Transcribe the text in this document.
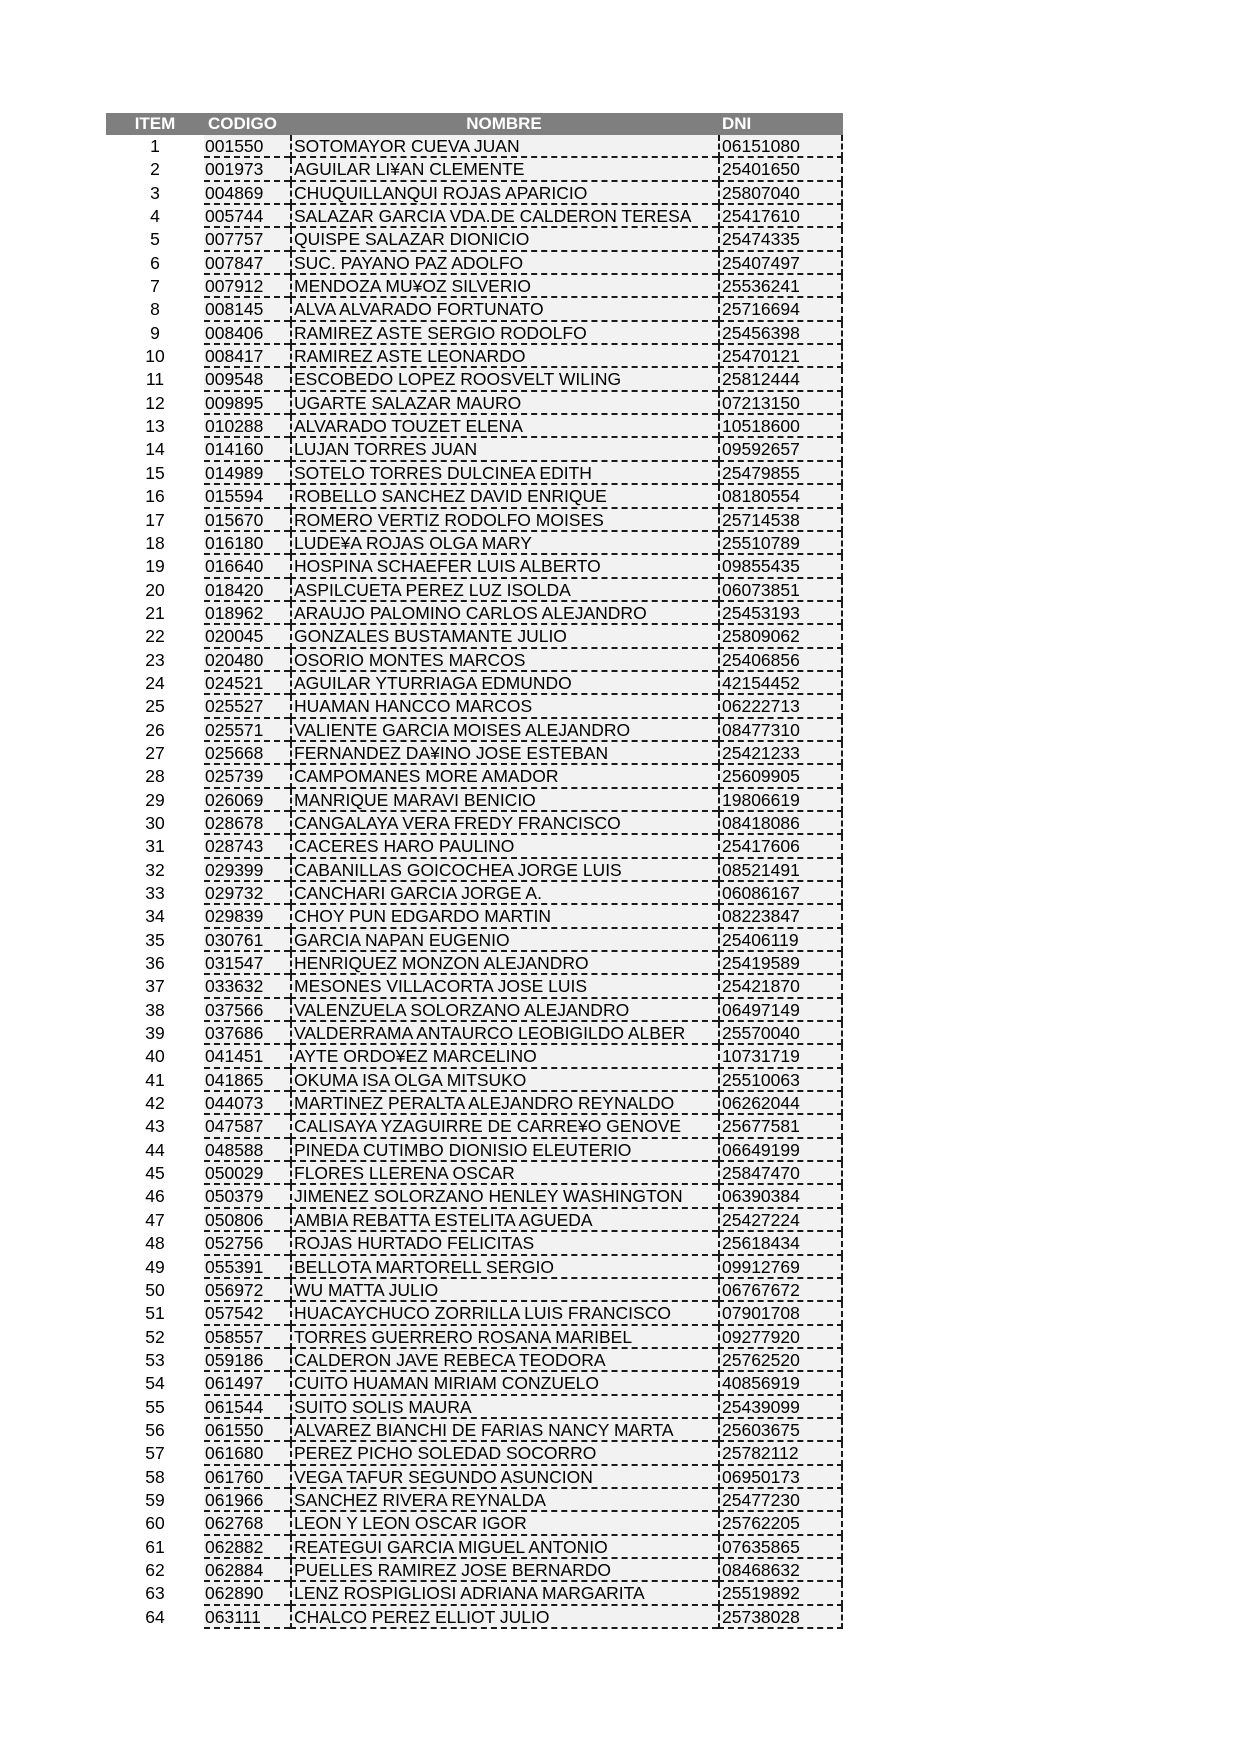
ITEM	CODIGO	NOMBRE	DNI
1	001550	SOTOMAYOR CUEVA JUAN	06151080
2	001973	AGUILAR LI¥AN CLEMENTE	25401650
3	004869	CHUQUILLANQUI ROJAS APARICIO	25807040
4	005744	SALAZAR GARCIA VDA.DE CALDERON TERESA	25417610
5	007757	QUISPE SALAZAR DIONICIO	25474335
6	007847	SUC. PAYANO PAZ ADOLFO	25407497
7	007912	MENDOZA MU¥OZ SILVERIO	25536241
8	008145	ALVA ALVARADO FORTUNATO	25716694
9	008406	RAMIREZ ASTE SERGIO RODOLFO	25456398
10	008417	RAMIREZ ASTE LEONARDO	25470121
11	009548	ESCOBEDO LOPEZ ROOSVELT WILING	25812444
12	009895	UGARTE SALAZAR MAURO	07213150
13	010288	ALVARADO TOUZET ELENA	10518600
14	014160	LUJAN TORRES JUAN	09592657
15	014989	SOTELO TORRES DULCINEA EDITH	25479855
16	015594	ROBELLO SANCHEZ DAVID ENRIQUE	08180554
17	015670	ROMERO VERTIZ RODOLFO MOISES	25714538
18	016180	LUDE¥A ROJAS OLGA MARY	25510789
19	016640	HOSPINA SCHAEFER LUIS ALBERTO	09855435
20	018420	ASPILCUETA PEREZ LUZ ISOLDA	06073851
21	018962	ARAUJO PALOMINO CARLOS ALEJANDRO	25453193
22	020045	GONZALES BUSTAMANTE JULIO	25809062
23	020480	OSORIO MONTES MARCOS	25406856
24	024521	AGUILAR YTURRIAGA EDMUNDO	42154452
25	025527	HUAMAN HANCCO MARCOS	06222713
26	025571	VALIENTE GARCIA MOISES ALEJANDRO	08477310
27	025668	FERNANDEZ DA¥INO JOSE ESTEBAN	25421233
28	025739	CAMPOMANES MORE AMADOR	25609905
29	026069	MANRIQUE MARAVI BENICIO	19806619
30	028678	CANGALAYA VERA FREDY FRANCISCO	08418086
31	028743	CACERES HARO PAULINO	25417606
32	029399	CABANILLAS GOICOCHEA JORGE LUIS	08521491
33	029732	CANCHARI GARCIA JORGE A.	06086167
34	029839	CHOY PUN EDGARDO MARTIN	08223847
35	030761	GARCIA NAPAN EUGENIO	25406119
36	031547	HENRIQUEZ MONZON ALEJANDRO	25419589
37	033632	MESONES VILLACORTA JOSE LUIS	25421870
38	037566	VALENZUELA SOLORZANO ALEJANDRO	06497149
39	037686	VALDERRAMA ANTAURCO LEOBIGILDO ALBER	25570040
40	041451	AYTE ORDO¥EZ MARCELINO	10731719
41	041865	OKUMA ISA OLGA MITSUKO	25510063
42	044073	MARTINEZ PERALTA ALEJANDRO REYNALDO	06262044
43	047587	CALISAYA YZAGUIRRE DE CARRE¥O GENOVE	25677581
44	048588	PINEDA CUTIMBO DIONISIO ELEUTERIO	06649199
45	050029	FLORES LLERENA OSCAR	25847470
46	050379	JIMENEZ SOLORZANO HENLEY WASHINGTON	06390384
47	050806	AMBIA REBATTA ESTELITA AGUEDA	25427224
48	052756	ROJAS HURTADO FELICITAS	25618434
49	055391	BELLOTA MARTORELL SERGIO	09912769
50	056972	WU MATTA JULIO	06767672
51	057542	HUACAYCHUCO ZORRILLA LUIS FRANCISCO	07901708
52	058557	TORRES GUERRERO ROSANA MARIBEL	09277920
53	059186	CALDERON JAVE REBECA TEODORA	25762520
54	061497	CUITO HUAMAN MIRIAM CONZUELO	40856919
55	061544	SUITO SOLIS MAURA	25439099
56	061550	ALVAREZ BIANCHI DE FARIAS NANCY MARTA	25603675
57	061680	PEREZ PICHO SOLEDAD SOCORRO	25782112
58	061760	VEGA TAFUR SEGUNDO ASUNCION	06950173
59	061966	SANCHEZ RIVERA REYNALDA	25477230
60	062768	LEON Y LEON OSCAR IGOR	25762205
61	062882	REATEGUI GARCIA MIGUEL ANTONIO	07635865
62	062884	PUELLES RAMIREZ JOSE BERNARDO	08468632
63	062890	LENZ ROSPIGLIOSI ADRIANA MARGARITA	25519892
64	063111	CHALCO PEREZ ELLIOT JULIO	25738028
